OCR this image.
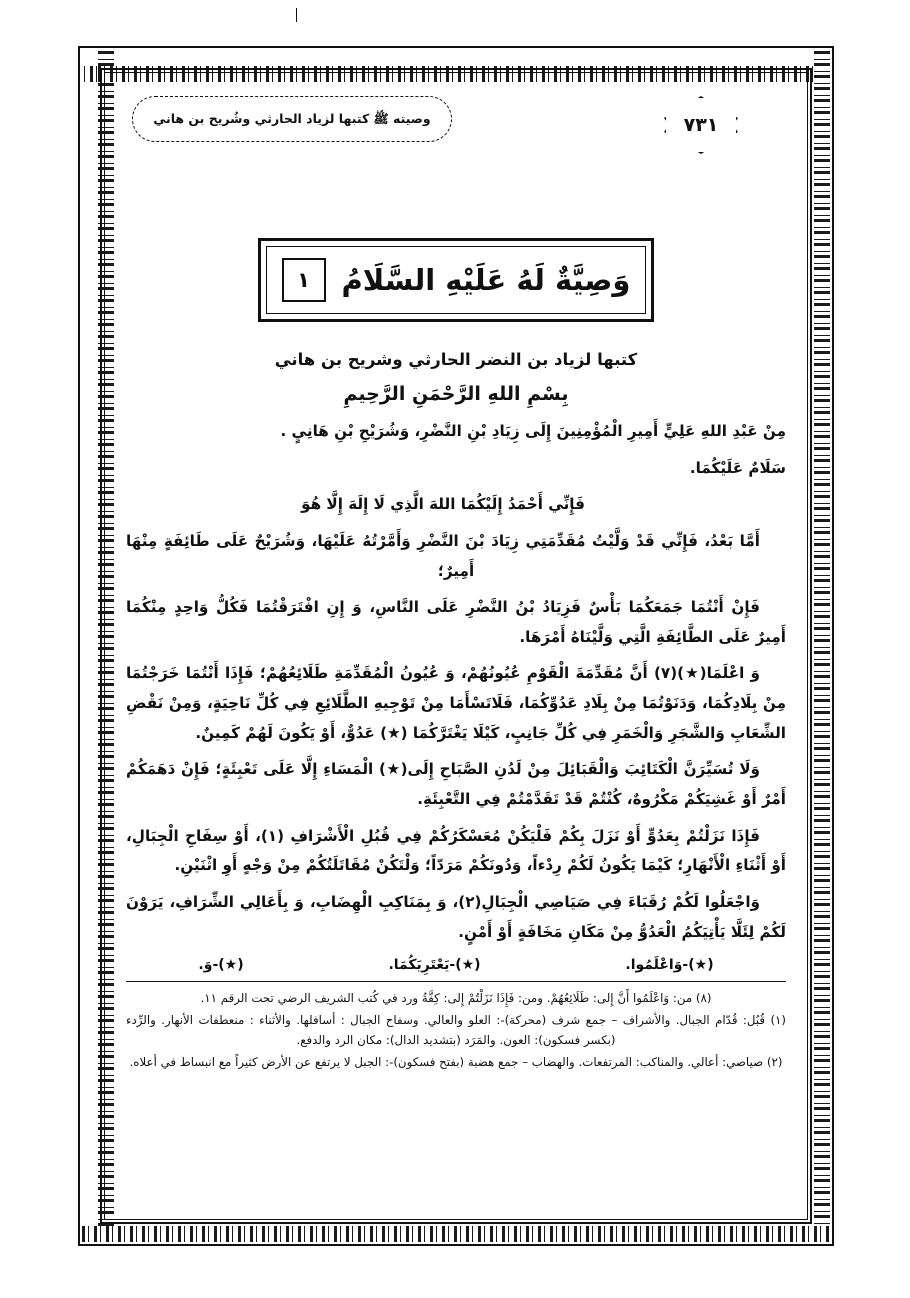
٧٣١
وصيته ﷺ كتبها لزياد الحارثي وشُريح بن هاني
وَصِيَّةٌ لَهُ عَلَيْهِ السَّلَامُ
١
كتبها لزياد بن النضر الحارثي وشريح بن هاني
بِسْمِ اللهِ الرَّحْمَنِ الرَّحِيمِ

مِنْ عَبْدِ اللهِ عَلِيٍّ أَمِيرِ الْمُؤْمِنِينَ إِلَى زِيَادِ بْنِ النَّضْرِ، وَشُرَيْحِ بْنِ هَانِيٍ .

سَلَامٌ عَلَيْكُمَا.

فَإِنِّي أَحْمَدُ إِلَيْكُمَا اللهَ الَّذِي لَا إِلَهَ إِلَّا هُوَ

أَمَّا بَعْدُ، فَإِنِّي قَدْ وَلَّيْتُ مُقَدِّمَتِي زِيَادَ بْنَ النَّضْرِ وَأَمَّرْتُهُ عَلَيْهَا، وَشُرَيْحٌ عَلَى طَائِفَةٍ مِنْهَا أَمِيرٌ؛

فَإِنْ أَنْتُمَا جَمَعَكُمَا بَأْسٌ فَزِيَادُ بْنُ النَّضْرِ عَلَى النَّاسِ، وَ إِنِ افْتَرَقْتُمَا فَكُلُّ وَاحِدٍ مِنْكُمَا أَمِيرٌ عَلَى الطَّائِفَةِ الَّتِي وَلَّيْنَاهُ أَمْرَهَا.

وَ اعْلَمَا(★)(٧) أَنَّ مُقَدِّمَةَ الْقَوْمِ عُيُونُهُمْ، وَ عُيُونُ الْمُقَدِّمَةِ طَلَائِعُهُمْ؛ فَإِذَا أَنْتُمَا خَرَجْتُمَا مِنْ بِلَادِكُمَا، وَدَنَوْتُمَا مِنْ بِلَادِ عَدُوِّكُمَا، فَلَاتَسْأَمَا مِنْ تَوْجِيهِ الطَّلَائِعِ فِي كُلِّ نَاحِيَةٍ، وَمِنْ نَقْضِ الشِّعَابِ وَالشَّجَرِ وَالْخَمَرِ فِي كُلِّ جَانِبٍ، كَيْلَا يَغْتَرَّكُمَا (★) عَدُوٌّ، أَوْ يَكُونَ لَهُمْ كَمِينٌ.

وَلَا تُسَيِّرَنَّ الْكَتَائِبَ وَالْقَبَائِلَ مِنْ لَدُنِ الصَّبَاحِ إِلَى(★) الْمَسَاءِ إِلَّا عَلَى تَعْبِئَةٍ؛ فَإِنْ دَهَمَكُمْ أَمْرٌ أَوْ غَشِيَكُمْ مَكْرُوهٌ، كُنْتُمْ قَدْ تَقَدَّمْتُمْ فِي التَّعْبِئَةِ.

فَإِذَا نَزَلْتُمْ بِعَدُوٍّ أَوْ نَزَلَ بِكُمْ فَلْيَكُنْ مُعَسْكَرُكُمْ فِي قُبُلِ الْأَشْرَافِ (١)، أَوْ سِفَاحِ الْجِبَالِ، أَوْ أَثْنَاءِ الْأَنْهَارِ؛ كَيْمَا يَكُونُ لَكُمْ رِدْءاً، وَدُونَكُمْ مَرَدّاً؛ وَلْتَكُنْ مُقَاتَلَتُكُمْ مِنْ وَجْهٍ أَوِ اثْنَيْنِ.

وَاجْعَلُوا لَكُمْ رُقَبَاءَ فِي صَيَاصِي الْجِبَالِ(٢)، وَ بِمَنَاكِبِ الْهِضَابِ، وَ بِأَعَالِي الشِّرَافِ، يَرَوْنَ لَكُمْ لِئَلَّا يَأْتِيَكُمُ الْعَدُوُّ مِنْ مَكَانِ مَخَافَةٍ أَوْ أَمْنٍ.

(★)-وَاعْلَمُوا.
(★)-يَعْتَرِيَكُمَا.
(★)-وَ.

(٨) من: وَاعْلَمُوا أَنَّ إِلى: طَلَائِعُهُمْ. ومن: فَإِذَا نَزَلْتُمْ إِلى: كِفَّةُ ورد في كُتب الشريف الرضي تحت الرقم ١١.

(١) قُبُل: قُدّام الجبال. والأشراف – جمع شرف (محركة)-: العلو والعالي. وسفاح الجبال : أسافلها. والأثناء : منعطفات الأنهار. والرِّدء (بكسر فسكون): العون. والمَرَد (بتشديد الدال): مكان الرد والدفع.

(٢) صياصي: أعالي. والمناكب: المرتفعات. والهضاب – جمع هضبة (بفتح فسكون)-: الجبل لا يرتفع عن الأرض كثيراً مع انبساط في أعلاه.
